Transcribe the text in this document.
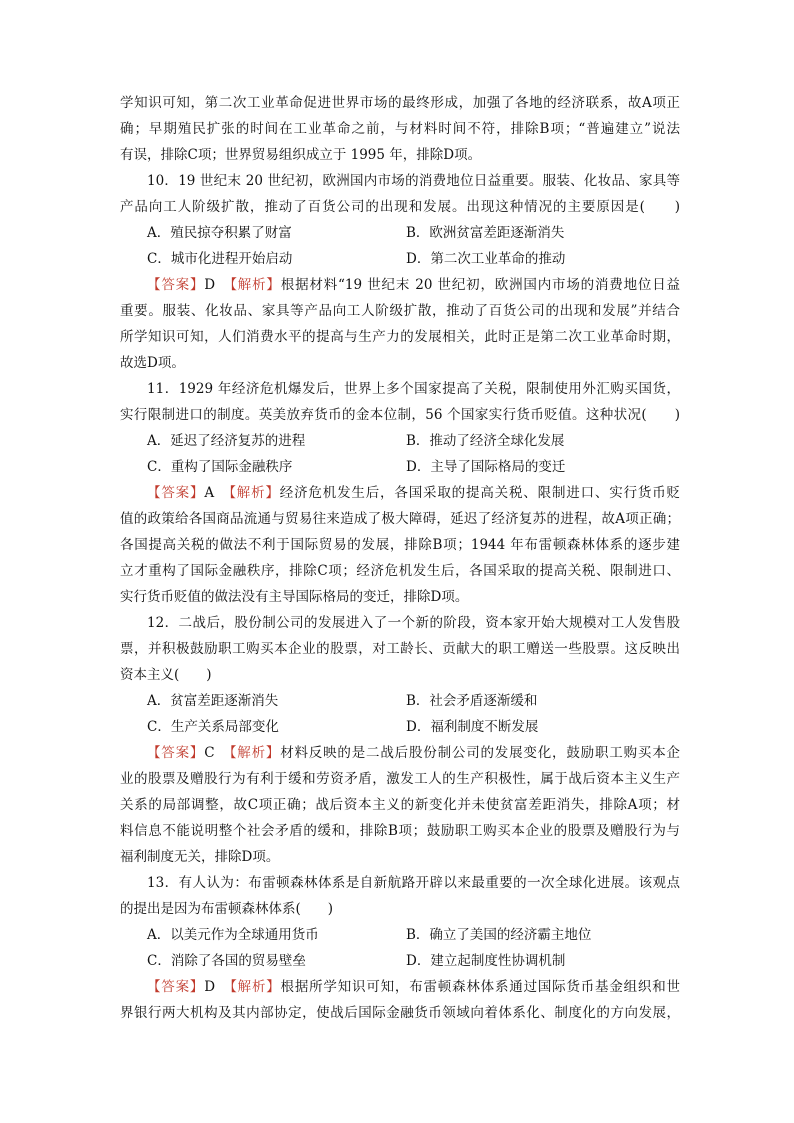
学知识可知，第二次工业革命促进世界市场的最终形成，加强了各地的经济联系，故A项正
确；早期殖民扩张的时间在工业革命之前，与材料时间不符，排除B项；“普遍建立”说法
有误，排除C项；世界贸易组织成立于 1995 年，排除D项。
10．19 世纪末 20 世纪初，欧洲国内市场的消费地位日益重要。服装、化妆品、家具等
产品向工人阶级扩散，推动了百货公司的出现和发展。出现这种情况的主要原因是(　　)
A．殖民掠夺积累了财富	B．欧洲贫富差距逐渐消失
C．城市化进程开始启动	D．第二次工业革命的推动
【答案】D　 【解析】根据材料“19 世纪末 20 世纪初，欧洲国内市场的消费地位日益
重要。服装、化妆品、家具等产品向工人阶级扩散，推动了百货公司的出现和发展”并结合
所学知识可知，人们消费水平的提高与生产力的发展相关，此时正是第二次工业革命时期，
故选D项。
11．1929 年经济危机爆发后，世界上多个国家提高了关税，限制使用外汇购买国货，
实行限制进口的制度。英美放弃货币的金本位制，56 个国家实行货币贬值。这种状况(　　)
A．延迟了经济复苏的进程	B．推动了经济全球化发展
C．重构了国际金融秩序	D．主导了国际格局的变迁
【答案】A　 【解析】经济危机发生后，各国采取的提高关税、限制进口、实行货币贬
值的政策给各国商品流通与贸易往来造成了极大障碍，延迟了经济复苏的进程，故A项正确；
各国提高关税的做法不利于国际贸易的发展，排除B项；1944 年布雷顿森林体系的逐步建
立才重构了国际金融秩序，排除C项；经济危机发生后，各国采取的提高关税、限制进口、
实行货币贬值的做法没有主导国际格局的变迁，排除D项。
12．二战后，股份制公司的发展进入了一个新的阶段，资本家开始大规模对工人发售股
票，并积极鼓励职工购买本企业的股票，对工龄长、贡献大的职工赠送一些股票。这反映出
资本主义(　　)
A．贫富差距逐渐消失	B．社会矛盾逐渐缓和
C．生产关系局部变化	D．福利制度不断发展
【答案】C　 【解析】材料反映的是二战后股份制公司的发展变化，鼓励职工购买本企
业的股票及赠股行为有利于缓和劳资矛盾，激发工人的生产积极性，属于战后资本主义生产
关系的局部调整，故C项正确；战后资本主义的新变化并未使贫富差距消失，排除A项；材
料信息不能说明整个社会矛盾的缓和，排除B项；鼓励职工购买本企业的股票及赠股行为与
福利制度无关，排除D项。
13．有人认为：布雷顿森林体系是自新航路开辟以来最重要的一次全球化进展。该观点
的提出是因为布雷顿森林体系(　　)
A．以美元作为全球通用货币	B．确立了美国的经济霸主地位
C．消除了各国的贸易壁垒	D．建立起制度性协调机制
【答案】D　 【解析】根据所学知识可知，布雷顿森林体系通过国际货币基金组织和世
界银行两大机构及其内部协定，使战后国际金融货币领域向着体系化、制度化的方向发展，
